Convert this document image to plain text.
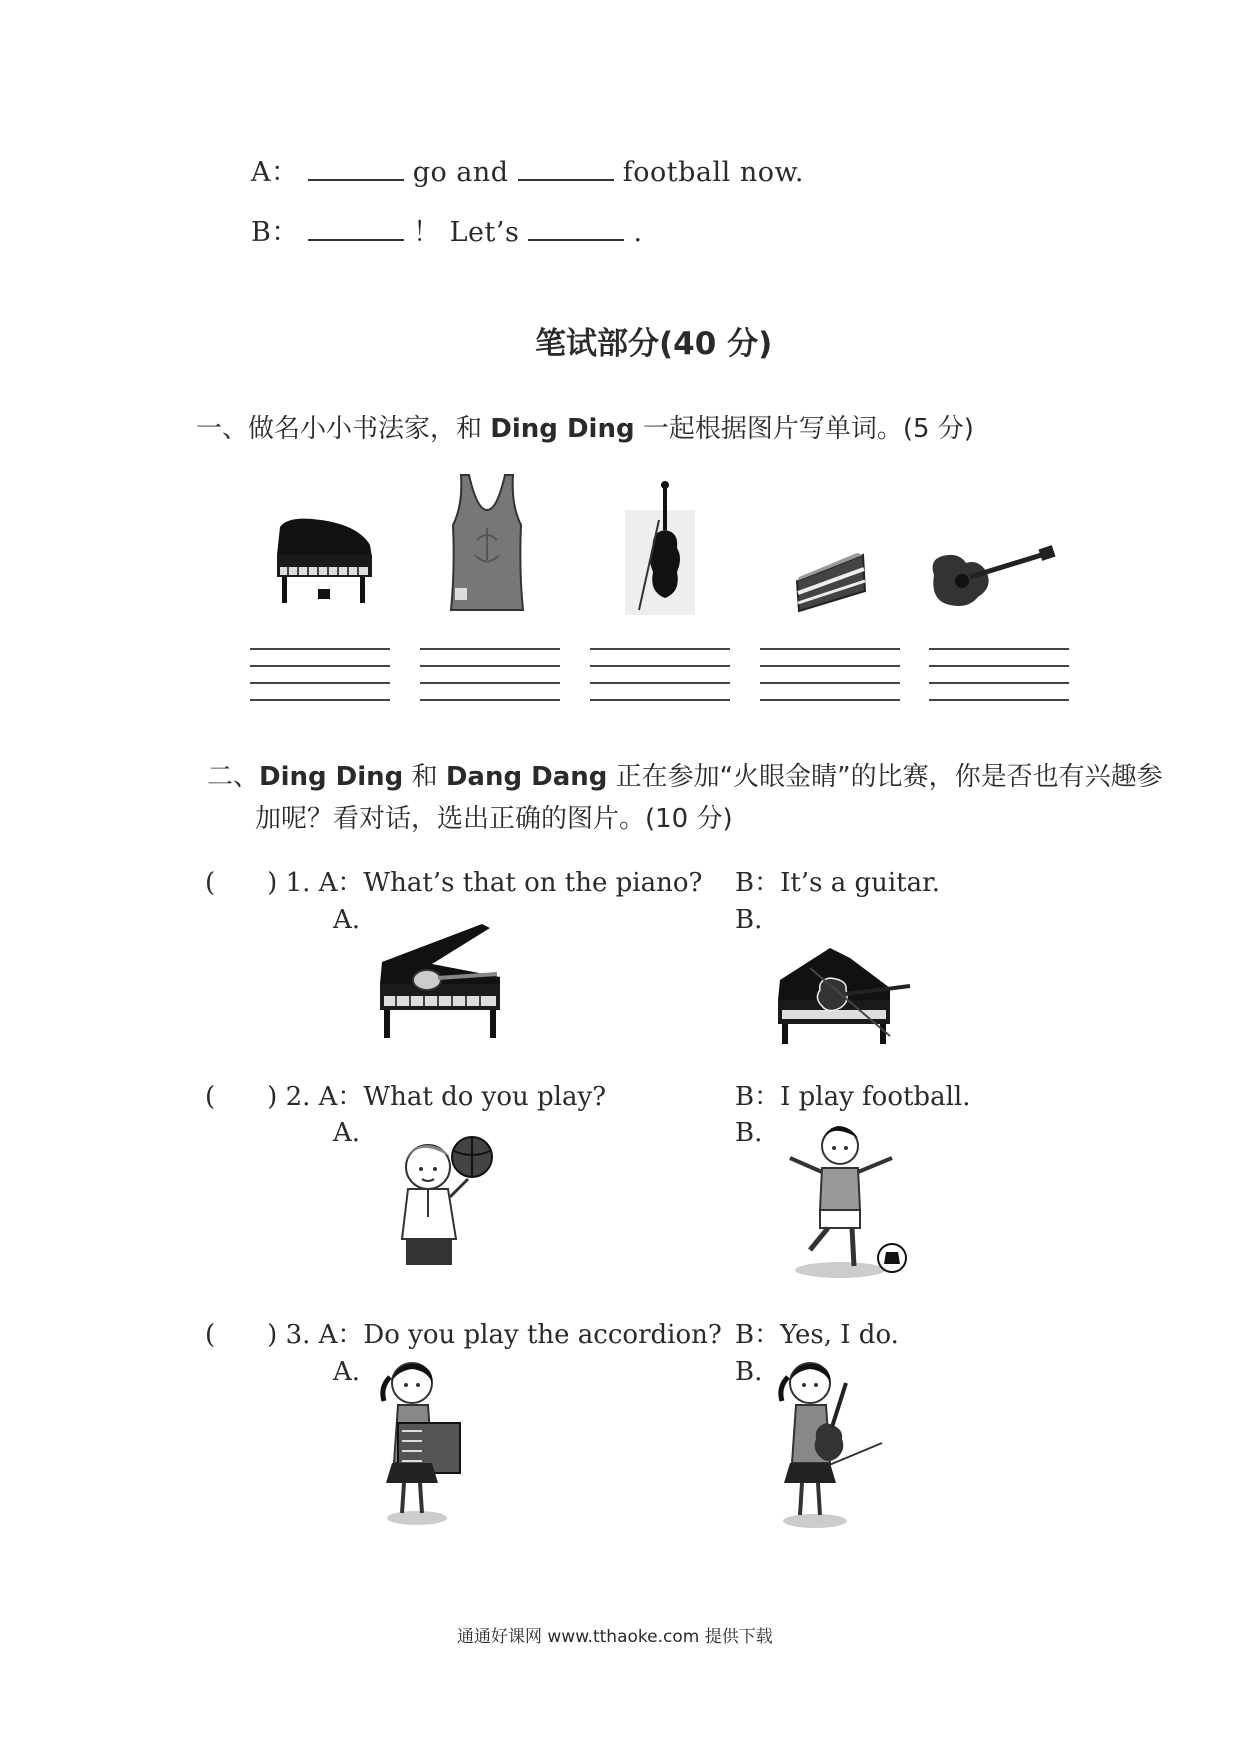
A：	go and	football now.
B：	！ Let’s	.
笔试部分(40 分)
一、做名小小书法家，和 Ding Ding 一起根据图片写单词。(5 分)
二、Ding Ding 和 Dang Dang 正在参加“火眼金睛”的比赛，你是否也有兴趣参
加呢？看对话，选出正确的图片。(10 分)
(　　) 1. A：What’s that on the piano? B：It’s a guitar.
A.	B.
(　　) 2. A：What do you play?	B：I play football.
A.	B.
(　　) 3. A：Do you play the accordion? B：Yes, I do.
A.	B.
通通好课网 www.tthaoke.com 提供下载
